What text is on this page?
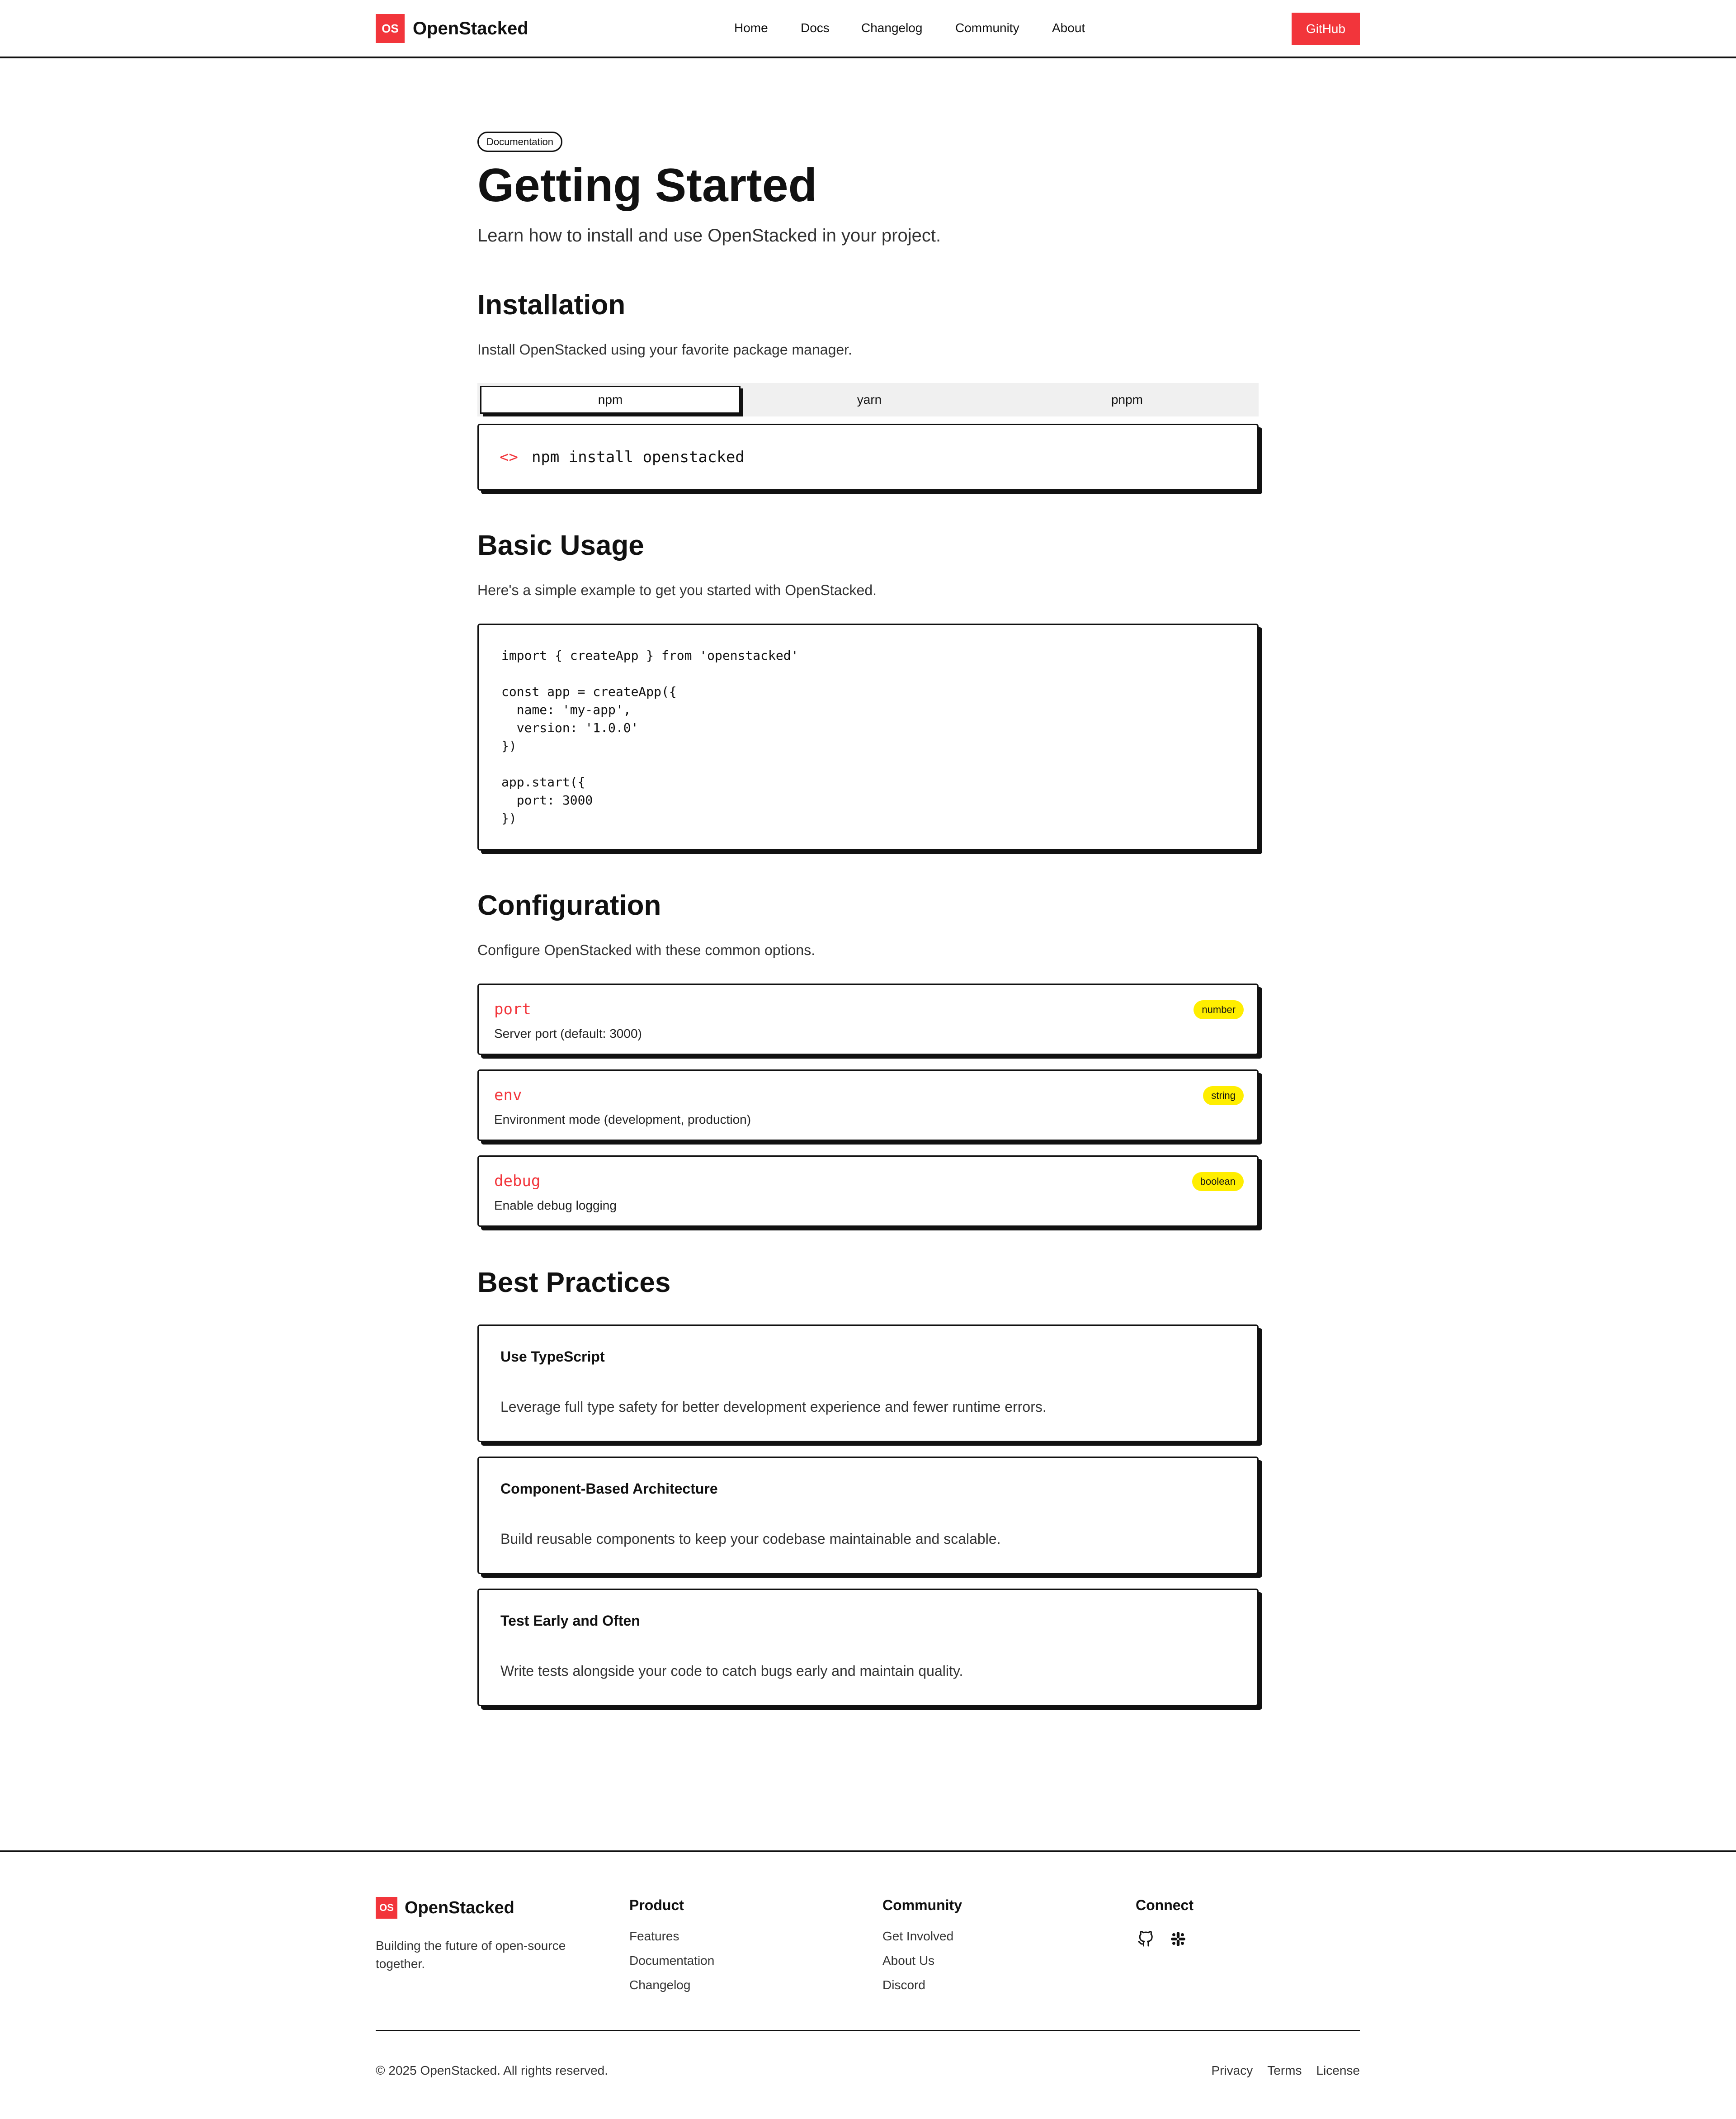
OS OpenStacked	Home	Docs	Changelog	Community	About	GitHub
Documentation
Getting Started

Learn how to install and use OpenStacked in your project.

Installation

Install OpenStacked using your favorite package manager.

npm	yarn	pnpm
<> npm install openstacked
Basic Usage

Here's a simple example to get you started with OpenStacked.

import { createApp } from 'openstacked'

const app = createApp({
name: 'my-app',
version: '1.0.0'
})

app.start({
port: 3000
})
Configuration

Configure OpenStacked with these common options.

port
Server port (default: 3000)
number
env
Environment mode (development, production)
string
debug
Enable debug logging
boolean
Best Practices
Use TypeScript
Leverage full type safety for better development experience and fewer runtime errors.
Component-Based Architecture
Build reusable components to keep your codebase maintainable and scalable.
Test Early and Often
Write tests alongside your code to catch bugs early and maintain quality.
OS OpenStacked

Building the future of open-source together.

Product
Features
Documentation
Changelog
Community
Get Involved
About Us
Discord
Connect

© 2025 OpenStacked. All rights reserved.	Privacy Terms License
